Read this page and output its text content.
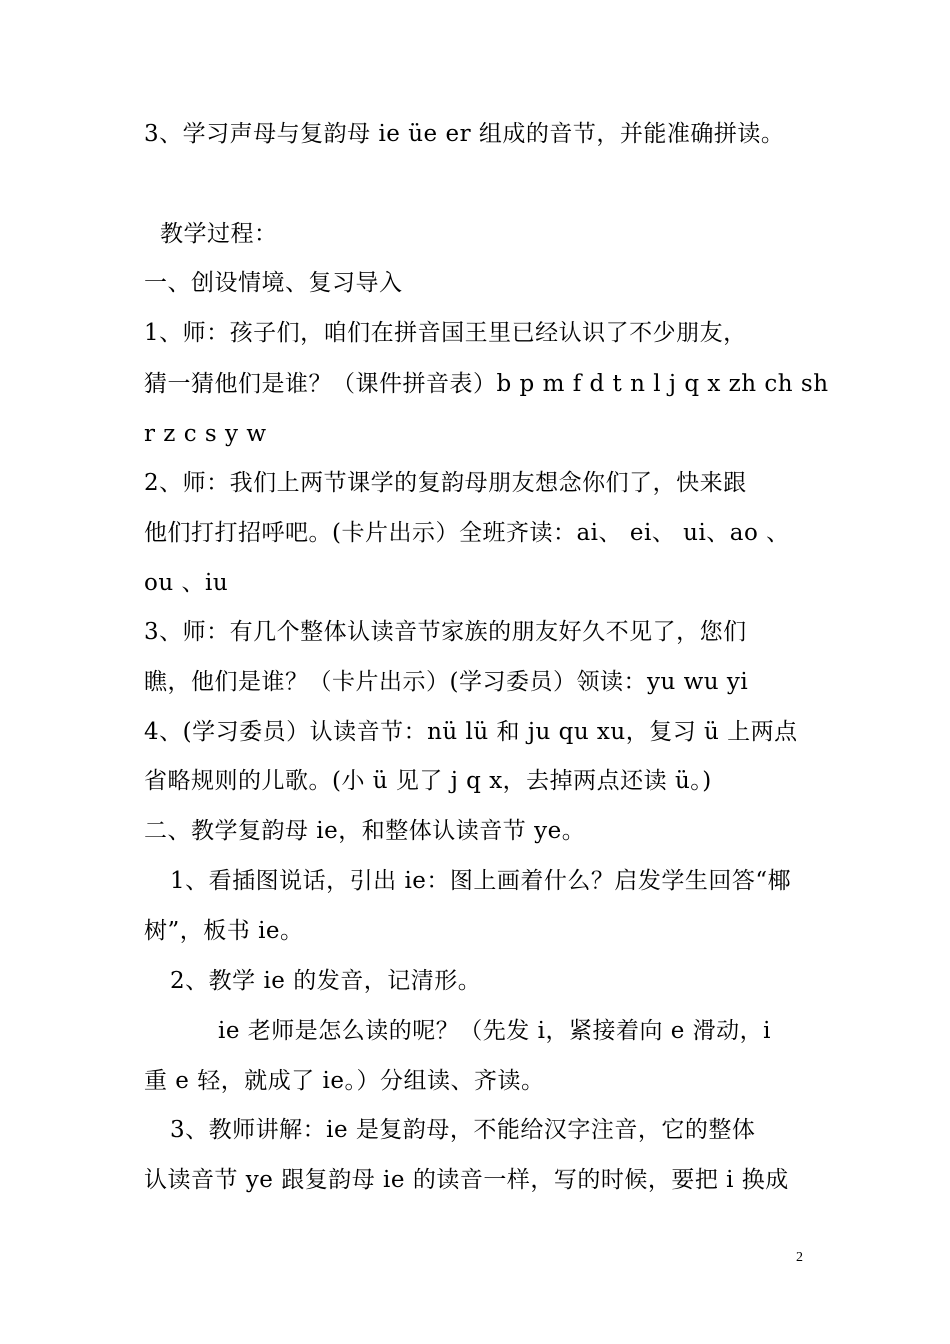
3、学习声母与复韵母 ie üe er 组成的音节，并能准确拼读。
教学过程：
一、创设情境、复习导入
1、师：孩子们，咱们在拼音国王里已经认识了不少朋友，
猜一猜他们是谁？（课件拼音表）b p m f d t n l j q x zh ch sh
r z c s y w
2、师：我们上两节课学的复韵母朋友想念你们了，快来跟
他们打打招呼吧。(卡片出示）全班齐读：ai、 ei、 ui、ao 、
ou 、iu
3、师：有几个整体认读音节家族的朋友好久不见了，您们
瞧，他们是谁？（卡片出示）(学习委员）领读：yu wu yi
4、(学习委员）认读音节：nü lü 和 ju qu xu，复习 ü 上两点
省略规则的儿歌。(小 ü 见了 j q x，去掉两点还读 ü。)
二、教学复韵母 ie，和整体认读音节 ye。
1、看插图说话，引出 ie：图上画着什么？启发学生回答“椰
树”，板书 ie。
2、教学 ie 的发音，记清形。
ie 老师是怎么读的呢？（先发 i，紧接着向 e 滑动，i
重 e 轻，就成了 ie。）分组读、齐读。
3、教师讲解：ie 是复韵母，不能给汉字注音，它的整体
认读音节 ye 跟复韵母 ie 的读音一样，写的时候，要把 i 换成
2
